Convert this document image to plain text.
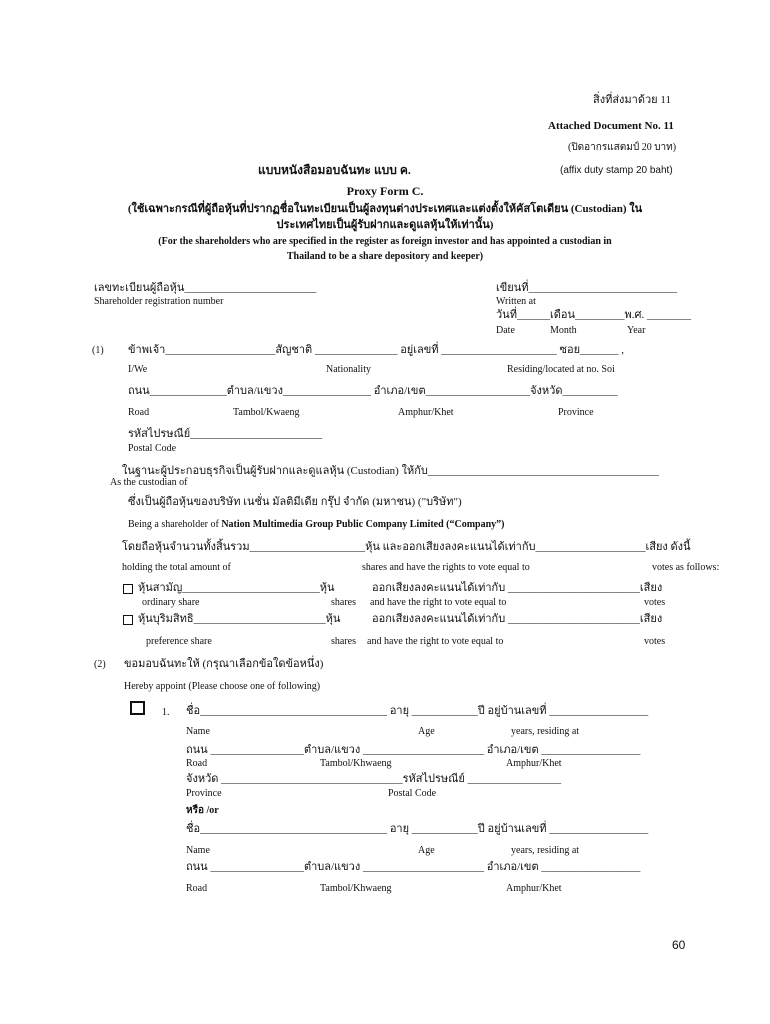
สิ่งที่ส่งมาด้วย 11
Attached Document No. 11
(ปิดอากรแสตมป์ 20 บาท)
แบบหนังสือมอบฉันทะ แบบ ค.	(affix duty stamp 20 baht)
Proxy Form C.
(ใช้เฉพาะกรณีที่ผู้ถือหุ้นที่ปรากฏชื่อในทะเบียนเป็นผู้ลงทุนต่างประเทศและแต่งตั้งให้คัสโตเดียน (Custodian) ใน
ประเทศไทยเป็นผู้รับฝากและดูแลหุ้นให้เท่านั้น)
(For the shareholders who are specified in the register as foreign investor and has appointed a custodian in
Thailand to be a share depository and keeper)
เลขทะเบียนผู้ถือหุ้น________________________
Shareholder registration number
เขียนที่___________________________
Written at
วันที่______เดือน_________พ.ศ. ________
Date	Month	Year
(1) ข้าพเจ้า____________________สัญชาติ _______________ อยู่เลขที่ _____________________ ซอย_______ ,
I/We	Nationality	Residing/located at no. Soi
ถนน______________ตำบล/แขวง________________ อำเภอ/เขต___________________จังหวัด__________
Road	Tambol/Kwaeng	Amphur/Khet	Province
รหัสไปรษณีย์________________________
Postal Code
ในฐานะผู้ประกอบธุรกิจเป็นผู้รับฝากและดูแลหุ้น (Custodian) ให้กับ__________________________________________
As the custodian of
ซึ่งเป็นผู้ถือหุ้นของบริษัท เนชั่น มัลติมีเดีย กรุ๊ป จำกัด (มหาชน) ("บริษัท")
Being a shareholder of Nation Multimedia Group Public Company Limited (“Company”)
โดยถือหุ้นจำนวนทั้งสิ้นรวม_____________________หุ้น และออกเสียงลงคะแนนได้เท่ากับ____________________เสียง ดังนี้
holding the total amount of	shares and have the rights to vote equal to	votes as follows:
หุ้นสามัญ_________________________หุ้น	ออกเสียงลงคะแนนได้เท่ากับ ________________________เสียง
ordinary share	shares and have the right to vote equal to	votes
หุ้นบุริมสิทธิ________________________หุ้น	ออกเสียงลงคะแนนได้เท่ากับ ________________________เสียง
preference share	shares and have the right to vote equal to	votes
(2) ขอมอบฉันทะให้ (กรุณาเลือกข้อใดข้อหนึ่ง)
Hereby appoint (Please choose one of following)
1. ชื่อ__________________________________ อายุ ____________ปี อยู่บ้านเลขที่ __________________
Name	Age	years, residing at
ถนน _________________ตำบล/แขวง ______________________ อำเภอ/เขต __________________
Road	Tambol/Khwaeng	Amphur/Khet
จังหวัด _________________________________รหัสไปรษณีย์ _________________
Province	Postal Code
หรือ /or
ชื่อ__________________________________ อายุ ____________ปี อยู่บ้านเลขที่ __________________
Name	Age	years, residing at
ถนน _________________ตำบล/แขวง ______________________ อำเภอ/เขต __________________
Road	Tambol/Khwaeng	Amphur/Khet
60
